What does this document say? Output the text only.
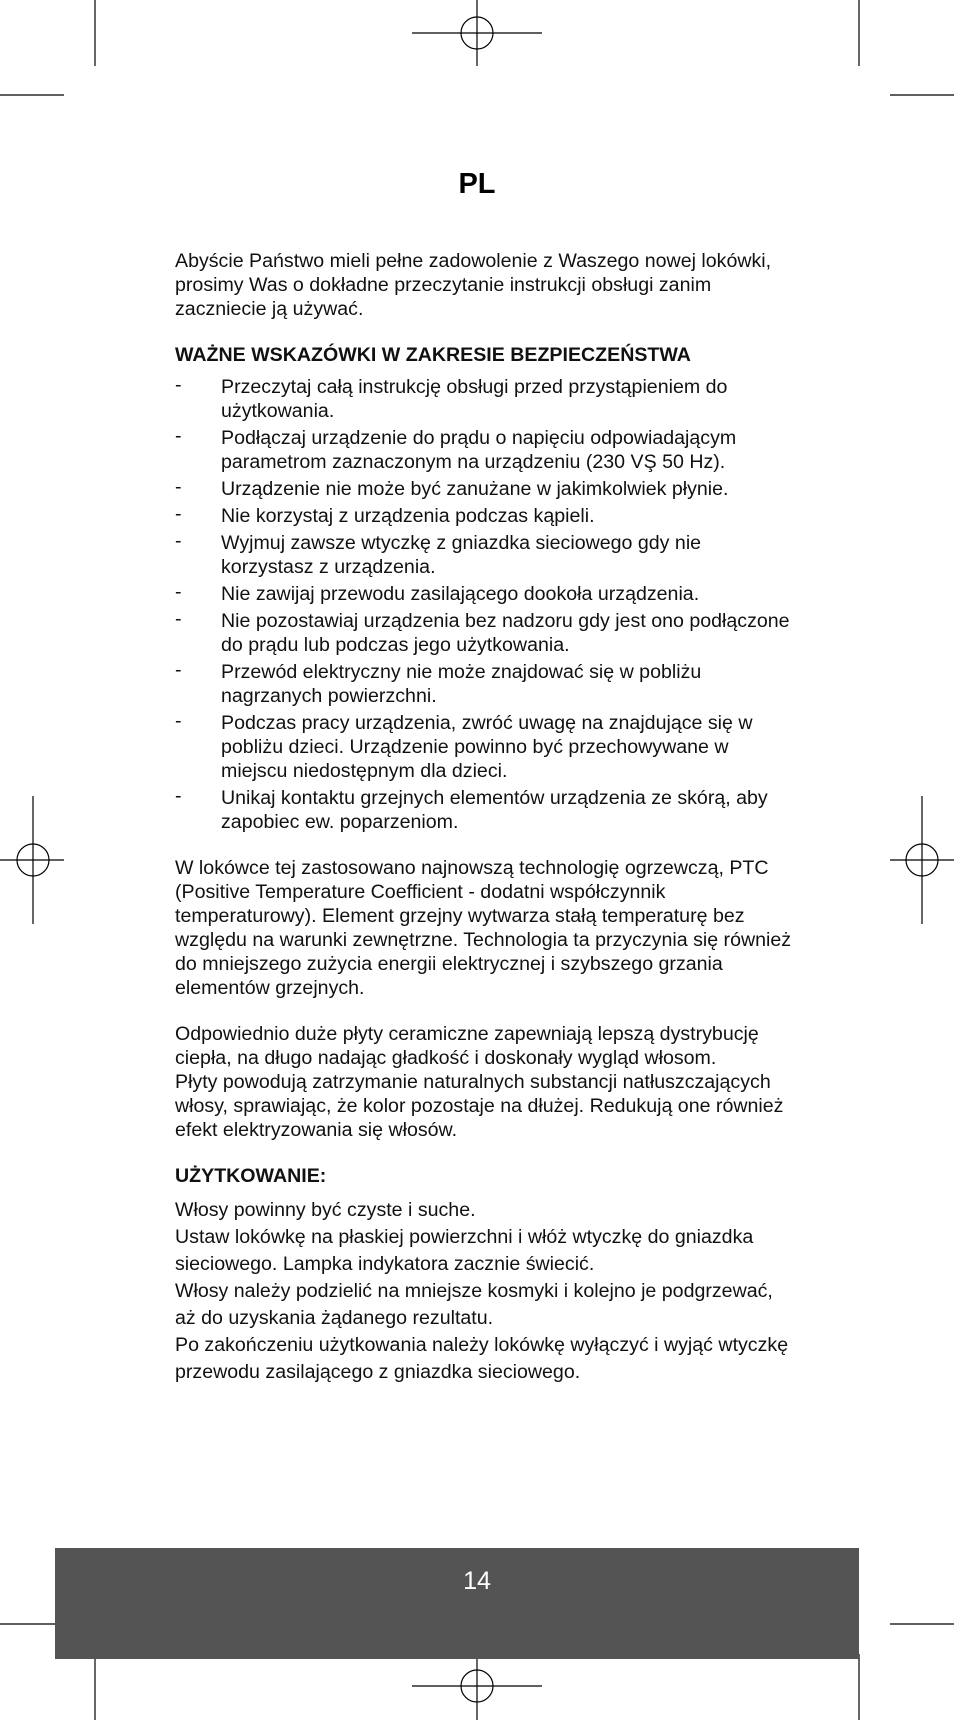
PL

Abyście Państwo mieli pełne zadowolenie z Waszego nowej lokówki, prosimy Was o dokładne przeczytanie instrukcji obsługi zanim zaczniecie ją używać.

WAŻNE WSKAZÓWKI W ZAKRESIE BEZPIECZEŃSTWA
- Przeczytaj całą instrukcję obsługi przed przystąpieniem do użytkowania.
- Podłączaj urządzenie do prądu o napięciu odpowiadającym parametrom zaznaczonym na urządzeniu (230 VŞ 50 Hz).
- Urządzenie nie może być zanużane w jakimkolwiek płynie.
- Nie korzystaj z urządzenia podczas kąpieli.
- Wyjmuj zawsze wtyczkę z gniazdka sieciowego gdy nie korzystasz z urządzenia.
- Nie zawijaj przewodu zasilającego dookoła urządzenia.
- Nie pozostawiaj urządzenia bez nadzoru gdy jest ono podłączone do prądu lub podczas jego użytkowania.
- Przewód elektryczny nie może znajdować się w pobliżu nagrzanych powierzchni.
- Podczas pracy urządzenia, zwróć uwagę na znajdujące się w pobliżu dzieci. Urządzenie powinno być przechowywane w miejscu niedostępnym dla dzieci.
- Unikaj kontaktu grzejnych elementów urządzenia ze skórą, aby zapobiec ew. poparzeniom.

W lokówce tej zastosowano najnowszą technologię ogrzewczą, PTC (Positive Temperature Coefficient - dodatni współczynnik temperaturowy). Element grzejny wytwarza stałą temperaturę bez względu na warunki zewnętrzne. Technologia ta przyczynia się również do mniejszego zużycia energii elektrycznej i szybszego grzania elementów grzejnych.

Odpowiednio duże płyty ceramiczne zapewniają lepszą dystrybucję ciepła, na długo nadając gładkość i doskonały wygląd włosom.

Płyty powodują zatrzymanie naturalnych substancji natłuszczających włosy, sprawiając, że kolor pozostaje na dłużej. Redukują one również efekt elektryzowania się włosów.

UŻYTKOWANIE:

Włosy powinny być czyste i suche.

Ustaw lokówkę na płaskiej powierzchni i włóż wtyczkę do gniazdka sieciowego. Lampka indykatora zacznie świecić.

Włosy należy podzielić na mniejsze kosmyki i kolejno je podgrzewać, aż do uzyskania żądanego rezultatu.

Po zakończeniu użytkowania należy lokówkę wyłączyć i wyjąć wtyczkę przewodu zasilającego z gniazdka sieciowego.

14
